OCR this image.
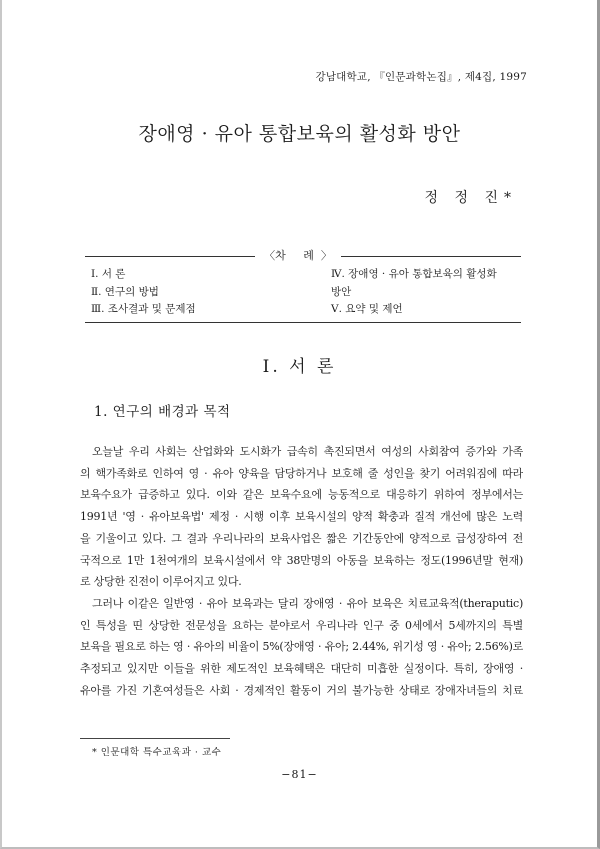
강남대학교, 『인문과학논집』, 제4집, 1997
장애영 · 유아 통합보육의 활성화 방안
정 정 진*
〈차 례〉
Ⅰ. 서 론
Ⅱ. 연구의 방법
Ⅲ. 조사결과 및 문제점
Ⅳ. 장애영 · 유아 통합보육의 활성화
방안
Ⅴ. 요약 및 제언
Ⅰ. 서 론
1. 연구의 배경과 목적
오늘날 우리 사회는 산업화와 도시화가 급속히 촉진되면서 여성의 사회참여 증가와 가족
의 핵가족화로 인하여 영 · 유아 양육을 담당하거나 보호해 줄 성인을 찾기 어려워짐에 따라
보육수요가 급증하고 있다. 이와 같은 보육수요에 능동적으로 대응하기 위하여 정부에서는
1991년 '영 · 유아보육법' 제정 · 시행 이후 보육시설의 양적 확충과 질적 개선에 많은 노력
을 기울이고 있다. 그 결과 우리나라의 보육사업은 짧은 기간동안에 양적으로 급성장하여 전
국적으로 1만 1천여개의 보육시설에서 약 38만명의 아동을 보육하는 정도(1996년말 현재)
로 상당한 진전이 이루어지고 있다.
그러나 이같은 일반영 · 유아 보육과는 달리 장애영 · 유아 보육은 치료교육적(theraputic)
인 특성을 띤 상당한 전문성을 요하는 분야로서 우리나라 인구 중 0세에서 5세까지의 특별
보육을 필요로 하는 영 · 유아의 비율이 5%(장애영 · 유아; 2.44%, 위기성 영 · 유아; 2.56%)로
추정되고 있지만 이들을 위한 제도적인 보육혜택은 대단히 미흡한 실정이다. 특히, 장애영 ·
유아를 가진 기혼여성들은 사회 · 경제적인 활동이 거의 불가능한 상태로 장애자녀들의 치료
* 인문대학 특수교육과 · 교수
−81−
